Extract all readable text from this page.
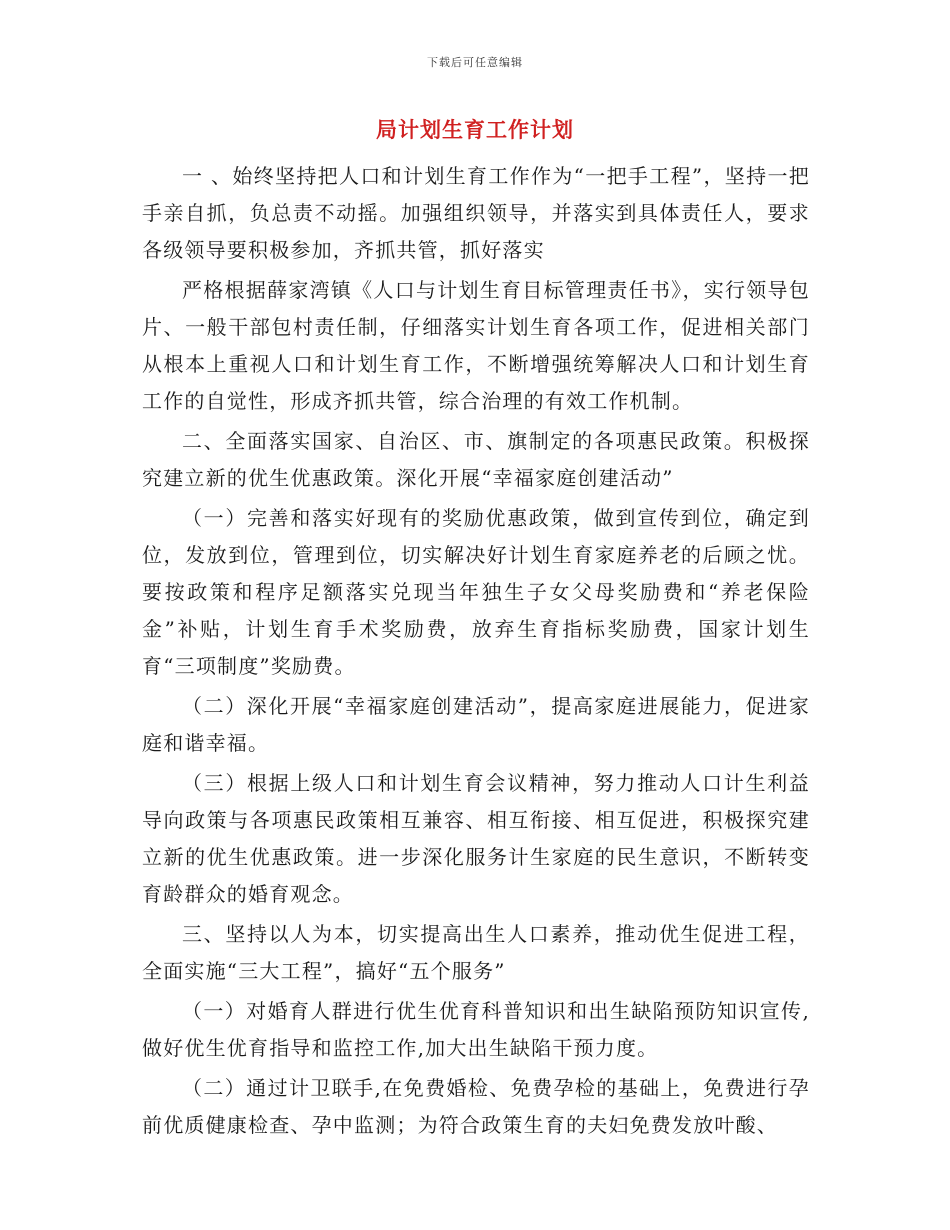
下载后可任意编辑
局计划生育工作计划

一 、始终坚持把人口和计划生育工作作为“一把手工程”，坚持一把手亲自抓，负总责不动摇。加强组织领导，并落实到具体责任人，要求各级领导要积极参加，齐抓共管，抓好落实

严格根据薛家湾镇《人口与计划生育目标管理责任书》，实行领导包片、一般干部包村责任制，仔细落实计划生育各项工作，促进相关部门从根本上重视人口和计划生育工作，不断增强统筹解决人口和计划生育工作的自觉性，形成齐抓共管，综合治理的有效工作机制。

二、全面落实国家、自治区、市、旗制定的各项惠民政策。积极探究建立新的优生优惠政策。深化开展“幸福家庭创建活动”

（一）完善和落实好现有的奖励优惠政策，做到宣传到位，确定到位，发放到位，管理到位，切实解决好计划生育家庭养老的后顾之忧。要按政策和程序足额落实兑现当年独生子女父母奖励费和“养老保险金”补贴，计划生育手术奖励费，放弃生育指标奖励费，国家计划生育“三项制度”奖励费。

（二）深化开展“幸福家庭创建活动”，提高家庭进展能力，促进家庭和谐幸福。

（三）根据上级人口和计划生育会议精神，努力推动人口计生利益导向政策与各项惠民政策相互兼容、相互衔接、相互促进，积极探究建立新的优生优惠政策。进一步深化服务计生家庭的民生意识，不断转变育龄群众的婚育观念。

三、坚持以人为本，切实提高出生人口素养，推动优生促进工程，全面实施“三大工程”，搞好“五个服务”

（一）对婚育人群进行优生优育科普知识和出生缺陷预防知识宣传,做好优生优育指导和监控工作,加大出生缺陷干预力度。

（二）通过计卫联手,在免费婚检、免费孕检的基础上，免费进行孕前优质健康检查、孕中监测；为符合政策生育的夫妇免费发放叶酸、
